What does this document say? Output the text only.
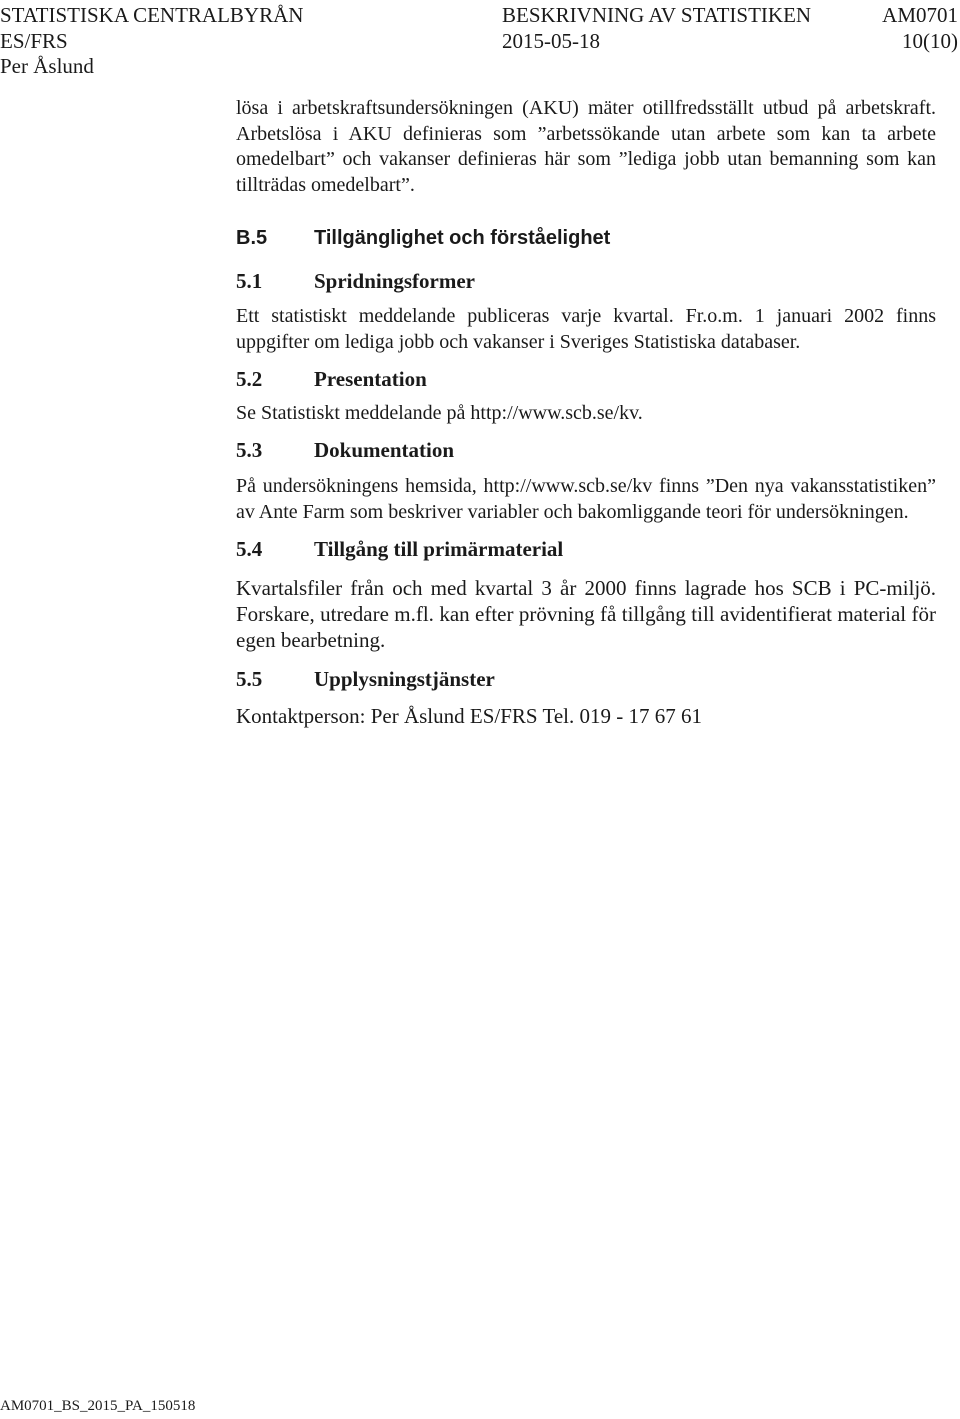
STATISTISKA CENTRALBYRÅN	BESKRIVNING AV STATISTIKEN	AM0701
ES/FRS	2015-05-18	10(10)
Per Åslund

lösa i arbetskraftsundersökningen (AKU) mäter otillfredsställt utbud på arbetskraft. Arbetslösa i AKU definieras som ”arbetssökande utan arbete som kan ta arbete omedelbart” och vakanser definieras här som ”lediga jobb utan bemanning som kan tillträdas omedelbart”.

B.5 Tillgänglighet och förståelighet
5.1 Spridningsformer

Ett statistiskt meddelande publiceras varje kvartal. Fr.o.m. 1 januari 2002 finns uppgifter om lediga jobb och vakanser i Sveriges Statistiska databaser.

5.2 Presentation

Se Statistiskt meddelande på http://www.scb.se/kv.

5.3 Dokumentation

På undersökningens hemsida, http://www.scb.se/kv finns ”Den nya vakansstatistiken” av Ante Farm som beskriver variabler och bakomliggande teori för undersökningen.

5.4 Tillgång till primärmaterial

Kvartalsfiler från och med kvartal 3 år 2000 finns lagrade hos SCB i PC-miljö. Forskare, utredare m.fl. kan efter prövning få tillgång till avidentifierat material för egen bearbetning.

5.5 Upplysningstjänster

Kontaktperson: Per Åslund ES/FRS Tel. 019 - 17 67 61

AM0701_BS_2015_PA_150518
